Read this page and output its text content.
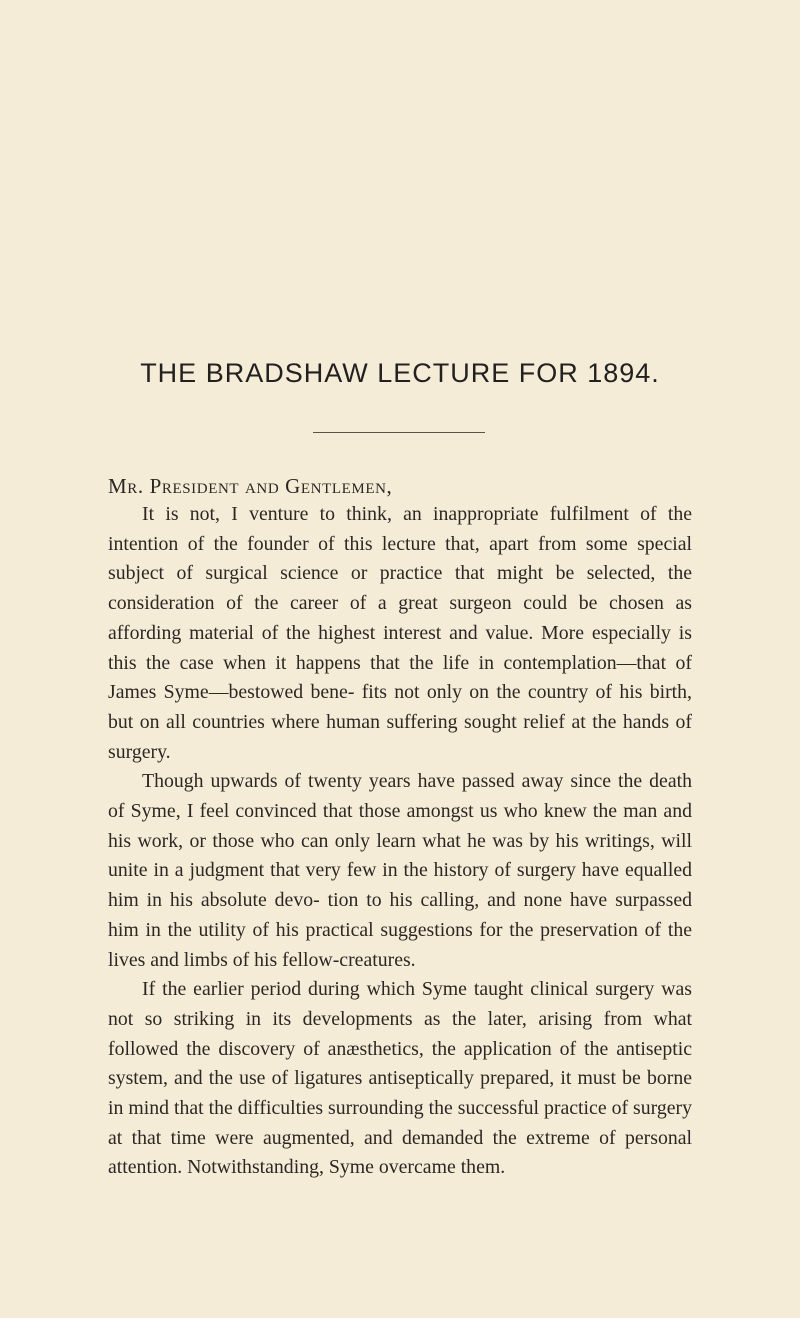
THE BRADSHAW LECTURE FOR 1894.
Mr. President and Gentlemen,

It is not, I venture to think, an inappropriate fulfilment of the intention of the founder of this lecture that, apart from some special subject of surgical science or practice that might be selected, the consideration of the career of a great surgeon could be chosen as affording material of the highest interest and value. More especially is this the case when it happens that the life in contemplation—that of James Syme—bestowed bene- fits not only on the country of his birth, but on all countries where human suffering sought relief at the hands of surgery.

Though upwards of twenty years have passed away since the death of Syme, I feel convinced that those amongst us who knew the man and his work, or those who can only learn what he was by his writings, will unite in a judgment that very few in the history of surgery have equalled him in his absolute devo- tion to his calling, and none have surpassed him in the utility of his practical suggestions for the preservation of the lives and limbs of his fellow-creatures.

If the earlier period during which Syme taught clinical surgery was not so striking in its developments as the later, arising from what followed the discovery of anæsthetics, the application of the antiseptic system, and the use of ligatures antiseptically prepared, it must be borne in mind that the difficulties surrounding the successful practice of surgery at that time were augmented, and demanded the extreme of personal attention. Notwithstanding, Syme overcame them.
